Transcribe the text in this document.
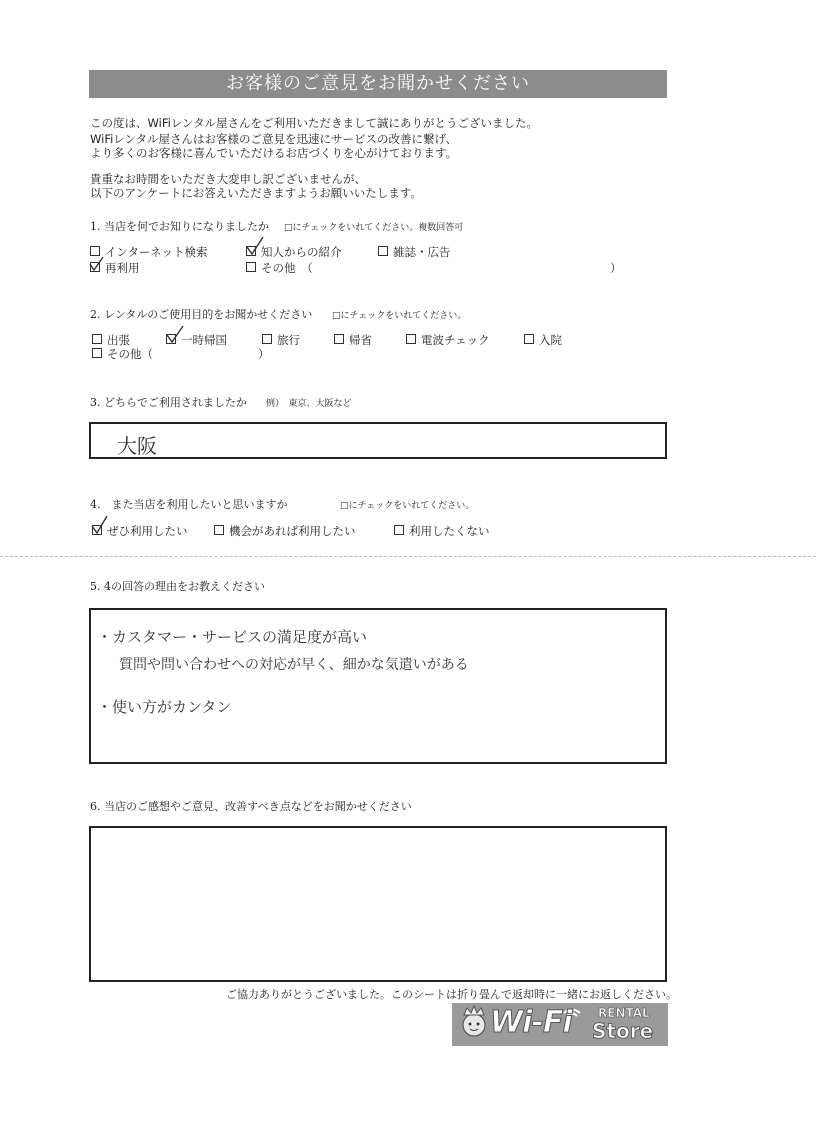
お客様のご意見をお聞かせください
この度は、WiFiレンタル屋さんをご利用いただきまして誠にありがとうございました。
WiFiレンタル屋さんはお客様のご意見を迅速にサービスの改善に繋げ、
より多くのお客様に喜んでいただけるお店づくりを心がけております。
貴重なお時間をいただき大変申し訳ございませんが、
以下のアンケートにお答えいただきますようお願いいたします。
1. 当店を何でお知りになりましたか □にチェックをいれてください。複数回答可
インターネット検索	知人からの紹介	雑誌・広告
再利用	その他　（	）
2. レンタルのご使用目的をお聞かせください □にチェックをいれてください。
出張	一時帰国	旅行	帰省	電波チェック	入院
その他（	）
3. どちらでご利用されましたか 例）　東京、大阪など
大阪
4.　また当店を利用したいと思いますか	□にチェックをいれてください。
ぜひ利用したい	機会があれば利用したい	利用したくない
5. 4の回答の理由をお教えください
・カスタマー・サービスの満足度が高い
質問や問い合わせへの対応が早く、細かな気遣いがある
・使い方がカンタン
6. 当店のご感想やご意見、改善すべき点などをお聞かせください
ご協力ありがとうございました。このシートは折り畳んで返却時に一緒にお返しください。
Wi-Fi RENTAL
Store
